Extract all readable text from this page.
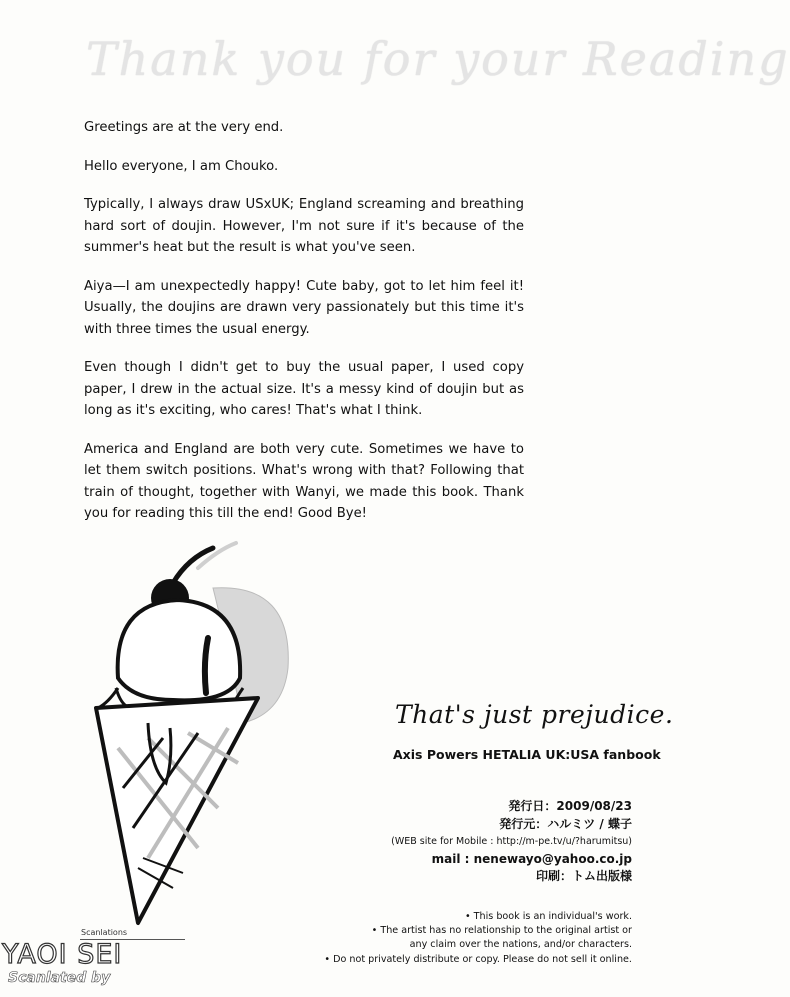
Thank you for your Reading

Greetings are at the very end.

Hello everyone, I am Chouko.

Typically, I always draw USxUK; England screaming and breathing hard sort of doujin. However, I'm not sure if it's because of the summer's heat but the result is what you've seen.

Aiya—I am unexpectedly happy! Cute baby, got to let him feel it! Usually, the doujins are drawn very passionately but this time it's with three times the usual energy.

Even though I didn't get to buy the usual paper, I used copy paper, I drew in the actual size. It's a messy kind of doujin but as long as it's exciting, who cares! That's what I think.

America and England are both very cute. Sometimes we have to let them switch positions. What's wrong with that? Following that train of thought, together with Wanyi, we made this book. Thank you for reading this till the end! Good Bye!

That's just prejudice.
Axis Powers HETALIA UK:USA fanbook
発行日：2009/08/23
発行元：ハルミツ / 蝶子
(WEB site for Mobile : http://m-pe.tv/u/?harumitsu)
mail : nenewayo@yahoo.co.jp
印刷：トム出版様
• This book is an individual's work.
• The artist has no relationship to the original artist or
any claim over the nations, and/or characters.
• Do not privately distribute or copy. Please do not sell it online.
Scanlations
YAOI SEI
Scanlated by
